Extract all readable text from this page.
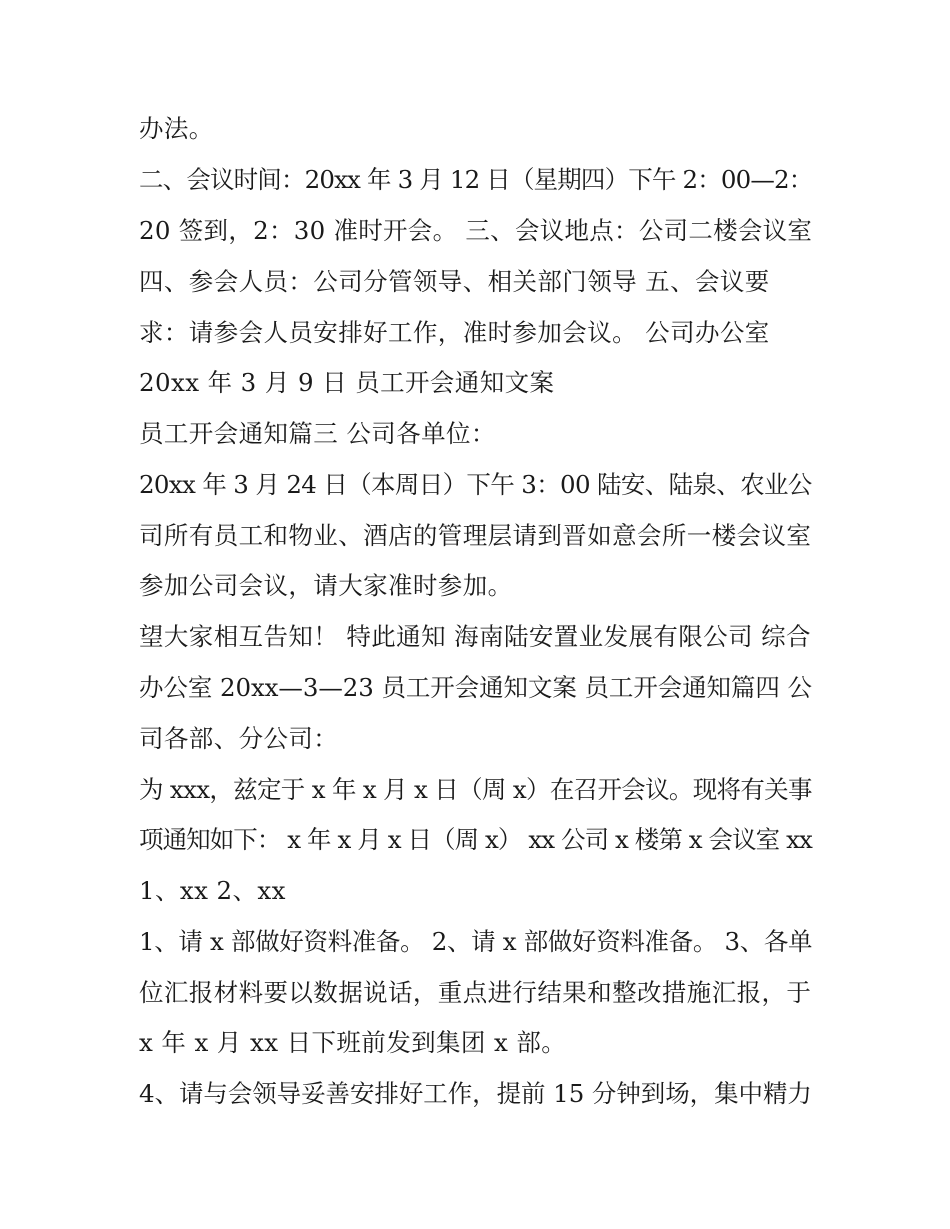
办法。

二、会议时间：20xx 年 3 月 12 日（星期四）下午 2：00—2：

20 签到，2：30 准时开会。 三、会议地点：公司二楼会议室

四、参会人员：公司分管领导、相关部门领导 五、会议要

求：请参会人员安排好工作，准时参加会议。 公司办公室

20xx 年 3 月 9 日 员工开会通知文案

员工开会通知篇三 公司各单位：

20xx 年 3 月 24 日（本周日）下午 3：00 陆安、陆泉、农业公

司所有员工和物业、酒店的管理层请到晋如意会所一楼会议室

参加公司会议，请大家准时参加。

望大家相互告知！ 特此通知 海南陆安置业发展有限公司 综合

办公室 20xx—3—23 员工开会通知文案 员工开会通知篇四 公

司各部、分公司：

为 xxx，兹定于 x 年 x 月 x 日（周 x）在召开会议。现将有关事

项通知如下： x 年 x 月 x 日（周 x） xx 公司 x 楼第 x 会议室 xx

1、xx 2、xx

1、请 x 部做好资料准备。 2、请 x 部做好资料准备。 3、各单

位汇报材料要以数据说话，重点进行结果和整改措施汇报，于

x 年 x 月 xx 日下班前发到集团 x 部。

4、请与会领导妥善安排好工作，提前 15 分钟到场，集中精力
